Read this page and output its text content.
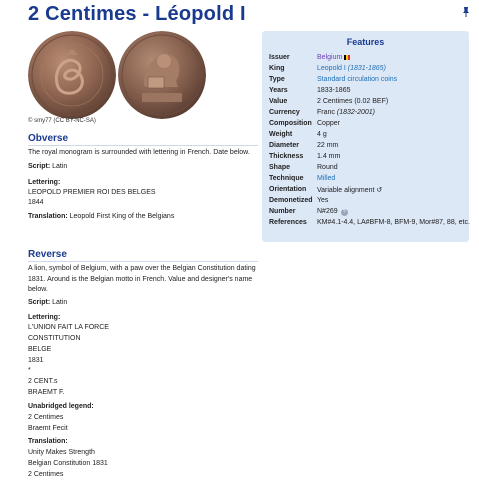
2 Centimes - Léopold I
© smy77 (CC BY-NC-SA)
Obverse
The royal monogram is surrounded with lettering in French. Date below.
Script: Latin
Lettering:
LEOPOLD PREMIER ROI DES BELGES
1844
Translation: Leopold First King of the Belgians
Reverse
A lion, symbol of Belgium, with a paw over the Belgian Constitution dating 1831. Around is the Belgian motto in French. Value and designer's name below.
Script: Latin
Lettering:
L'UNION FAIT LA FORCE
CONSTITUTION
BELGE
1831
*
2 CENT.s
BRAEMT F.
Unabridged legend:
2 Centimes
Braemt Fecit
Translation:
Unity Makes Strength
Belgian Constitution 1831
2 Centimes
Features
Issuer	Belgium
King	Leopold I (1831-1865)
Type	Standard circulation coins
Years	1833-1865
Value	2 Centimes (0.02 BEF)
Currency Franc (1832-2001)
Composition Copper
Weight	4 g
Diameter	22 mm
Thickness 1.4 mm
Shape	Round
Technique Milled
Orientation Variable alignment ↺
Demonetized Yes
Number	N#269 ?
References KM#4.1-4.4, LA#BFM-8, BFM-9, Mor#87, 88, etc.
